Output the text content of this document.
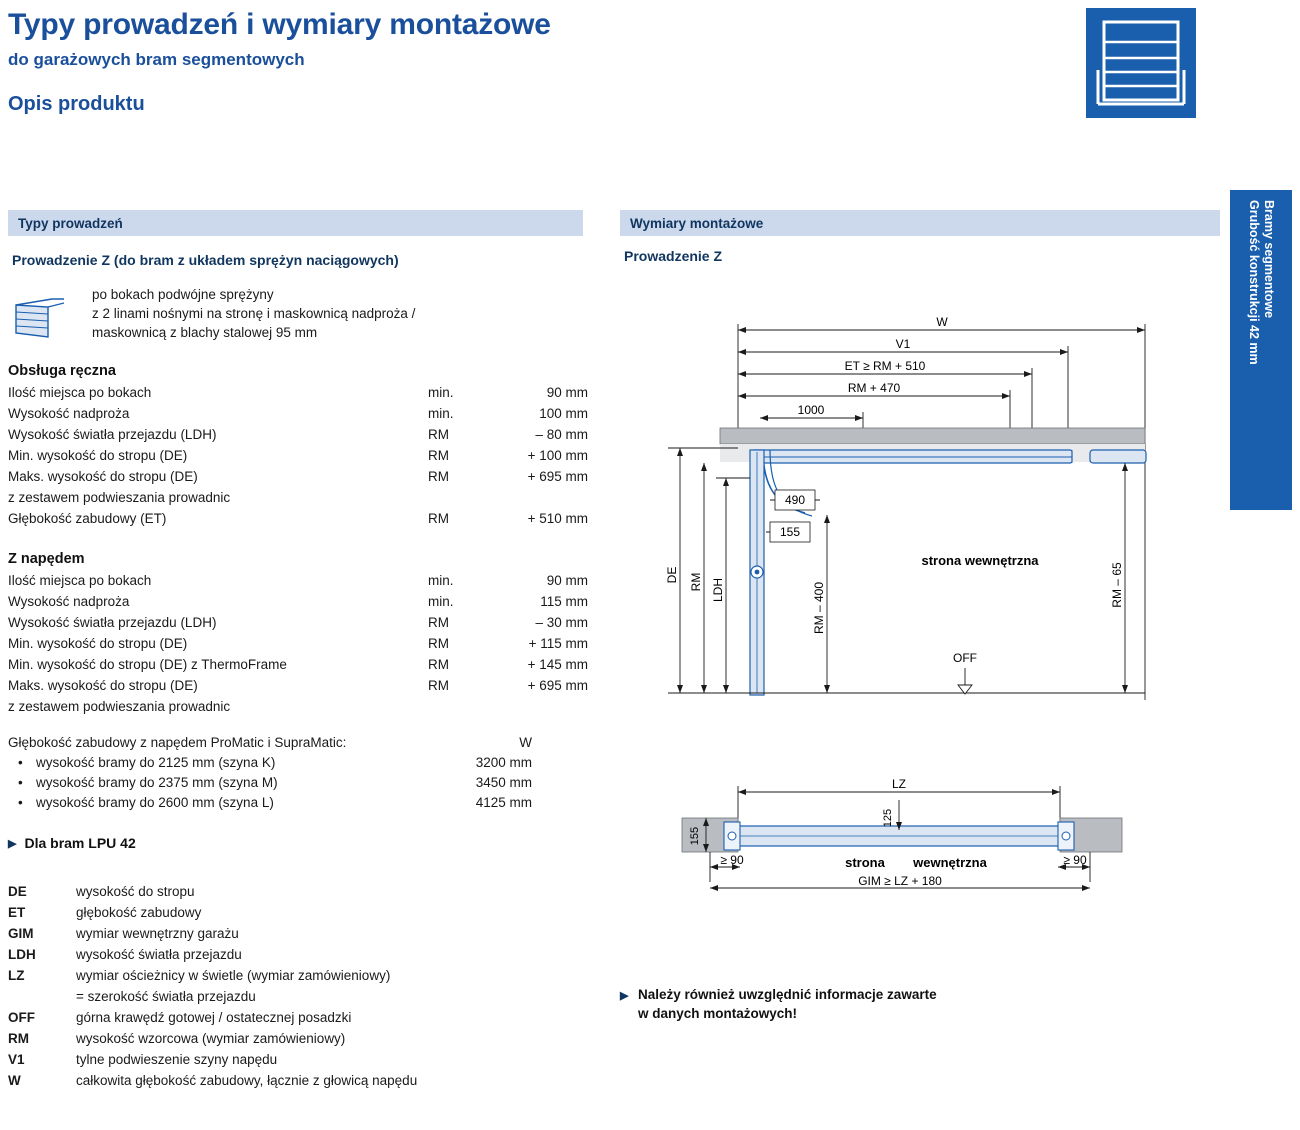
Typy prowadzeń i wymiary montażowe
do garażowych bram segmentowych
Opis produktu
Bramy segmentowe
Grubość konstrukcji 42 mm
Typy prowadzeń	Wymiary montażowe
Prowadzenie Z (do bram z układem sprężyn naciągowych)	Prowadzenie Z
po bokach podwójne sprężyny
z 2 linami nośnymi na stronę i maskownicą nadproża /
maskownicą z blachy stalowej 95 mm
Obsługa ręczna
Ilość miejsca po bokach	min.	90 mm
Wysokość nadproża	min.	100 mm
Wysokość światła przejazdu (LDH)	RM	– 80 mm
Min. wysokość do stropu (DE)	RM	+ 100 mm
Maks. wysokość do stropu (DE)	RM	+ 695 mm
z zestawem podwieszania prowadnic		
Głębokość zabudowy (ET)	RM	+ 510 mm
Z napędem
Ilość miejsca po bokach	min.	90 mm
Wysokość nadproża	min.	115 mm
Wysokość światła przejazdu (LDH)	RM	– 30 mm
Min. wysokość do stropu (DE)	RM	+ 115 mm
Min. wysokość do stropu (DE) z ThermoFrame	RM	+ 145 mm
Maks. wysokość do stropu (DE)	RM	+ 695 mm
z zestawem podwieszania prowadnic		
Głębokość zabudowy z napędem ProMatic i SupraMatic:	W
• wysokość bramy do 2125 mm (szyna K)	3200 mm
• wysokość bramy do 2375 mm (szyna M)	3450 mm
• wysokość bramy do 2600 mm (szyna L)	4125 mm
▶ Dla bram LPU 42
DE	wysokość do stropu
ET	głębokość zabudowy
GIM	wymiar wewnętrzny garażu
LDH	wysokość światła przejazdu
LZ	wymiar ościeżnicy w świetle (wymiar zamówieniowy)
= szerokość światła przejazdu
OFF	górna krawędź gotowej / ostatecznej posadzki
RM	wysokość wzorcowa (wymiar zamówieniowy)
V1	tylne podwieszenie szyny napędu
W	całkowita głębokość zabudowy, łącznie z głowicą napędu
W
V1
ET ≥ RM + 510
RM + 470
1000
490
155
DE RM LDH	RM – 400	RM – 65
strona wewnętrzna
OFF
LZ
125
155
≥ 90	≥ 90
GIM ≥ LZ + 180
strona wewnętrzna
▶ Należy również uwzględnić informacje zawarte
w danych montażowych!
